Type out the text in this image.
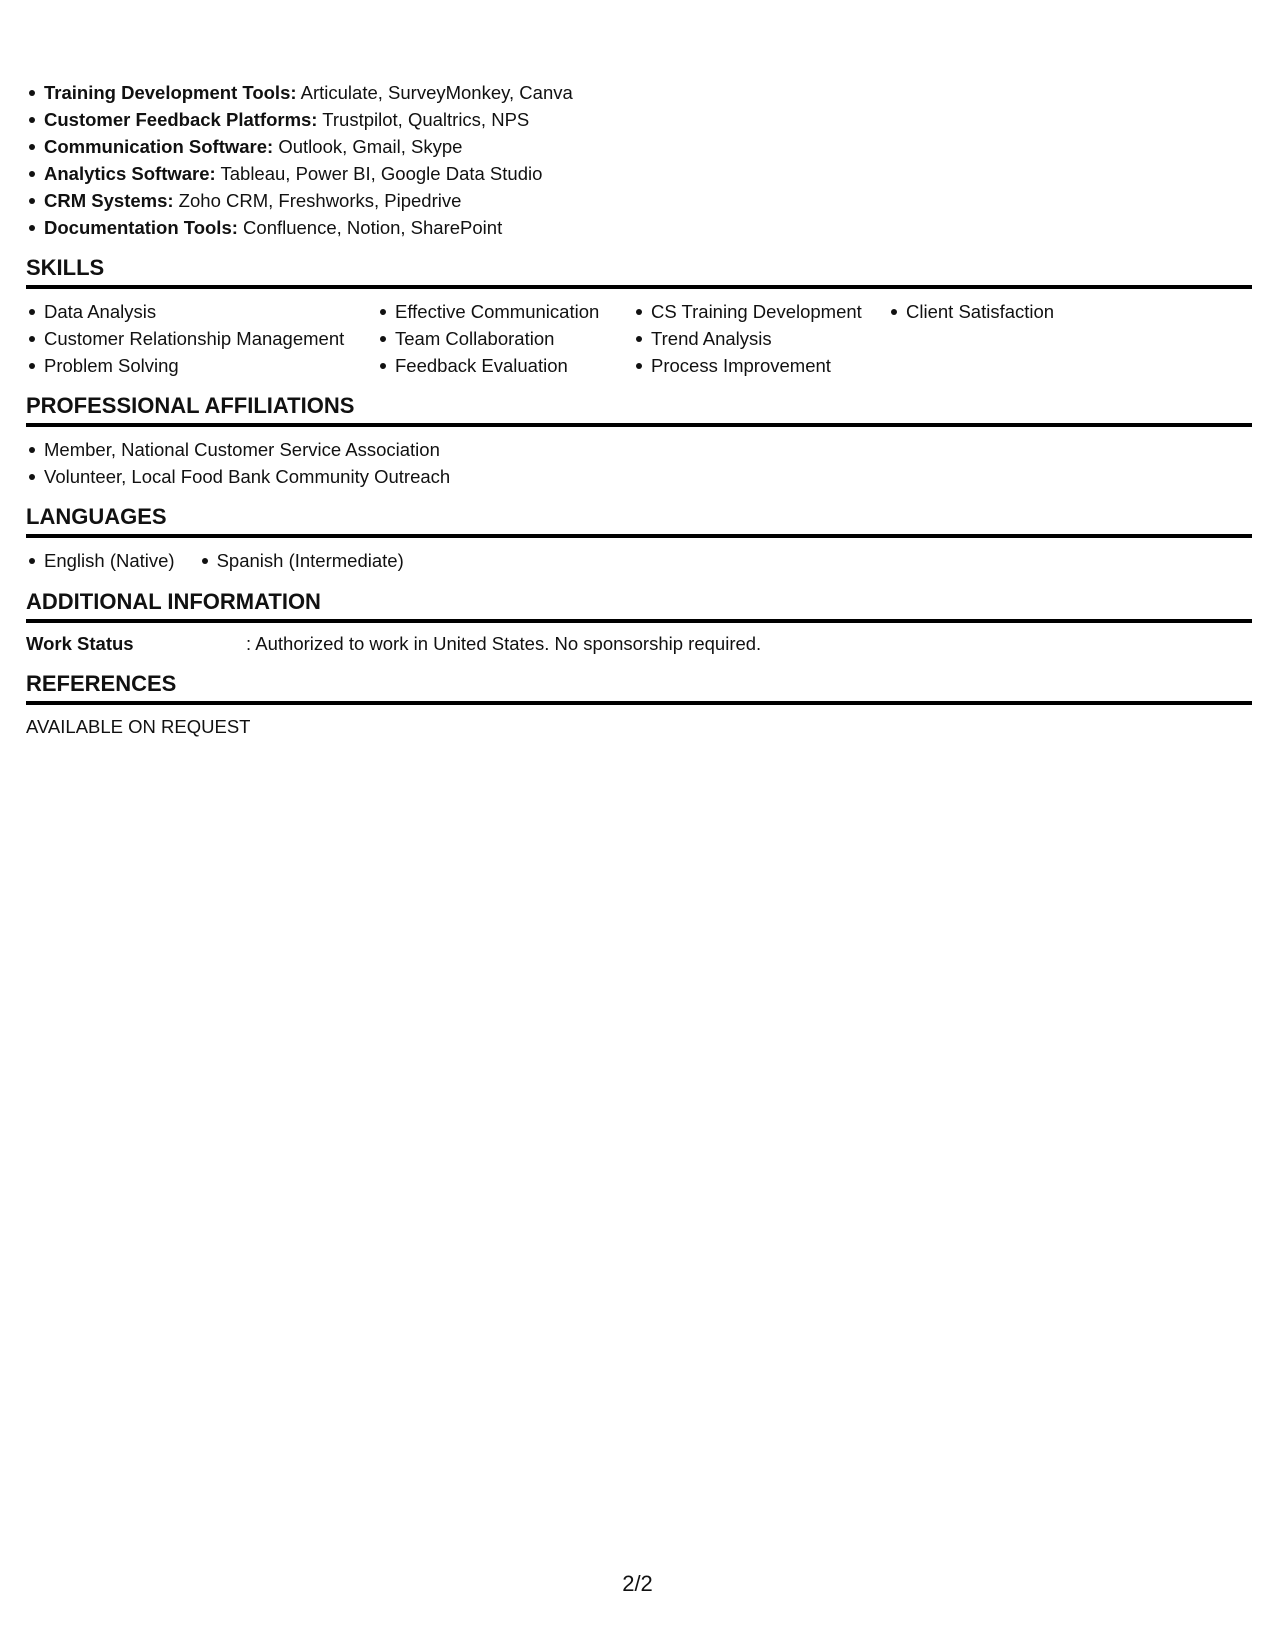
Training Development Tools: Articulate, SurveyMonkey, Canva
Customer Feedback Platforms: Trustpilot, Qualtrics, NPS
Communication Software: Outlook, Gmail, Skype
Analytics Software: Tableau, Power BI, Google Data Studio
CRM Systems: Zoho CRM, Freshworks, Pipedrive
Documentation Tools: Confluence, Notion, SharePoint
SKILLS
Data Analysis
Customer Relationship Management
Problem Solving
Effective Communication
Team Collaboration
Feedback Evaluation
CS Training Development
Trend Analysis
Process Improvement
Client Satisfaction
PROFESSIONAL AFFILIATIONS
Member, National Customer Service Association
Volunteer, Local Food Bank Community Outreach
LANGUAGES
English (Native)	Spanish (Intermediate)
ADDITIONAL INFORMATION
Work Status	: Authorized to work in United States. No sponsorship required.
REFERENCES
AVAILABLE ON REQUEST
2/2
